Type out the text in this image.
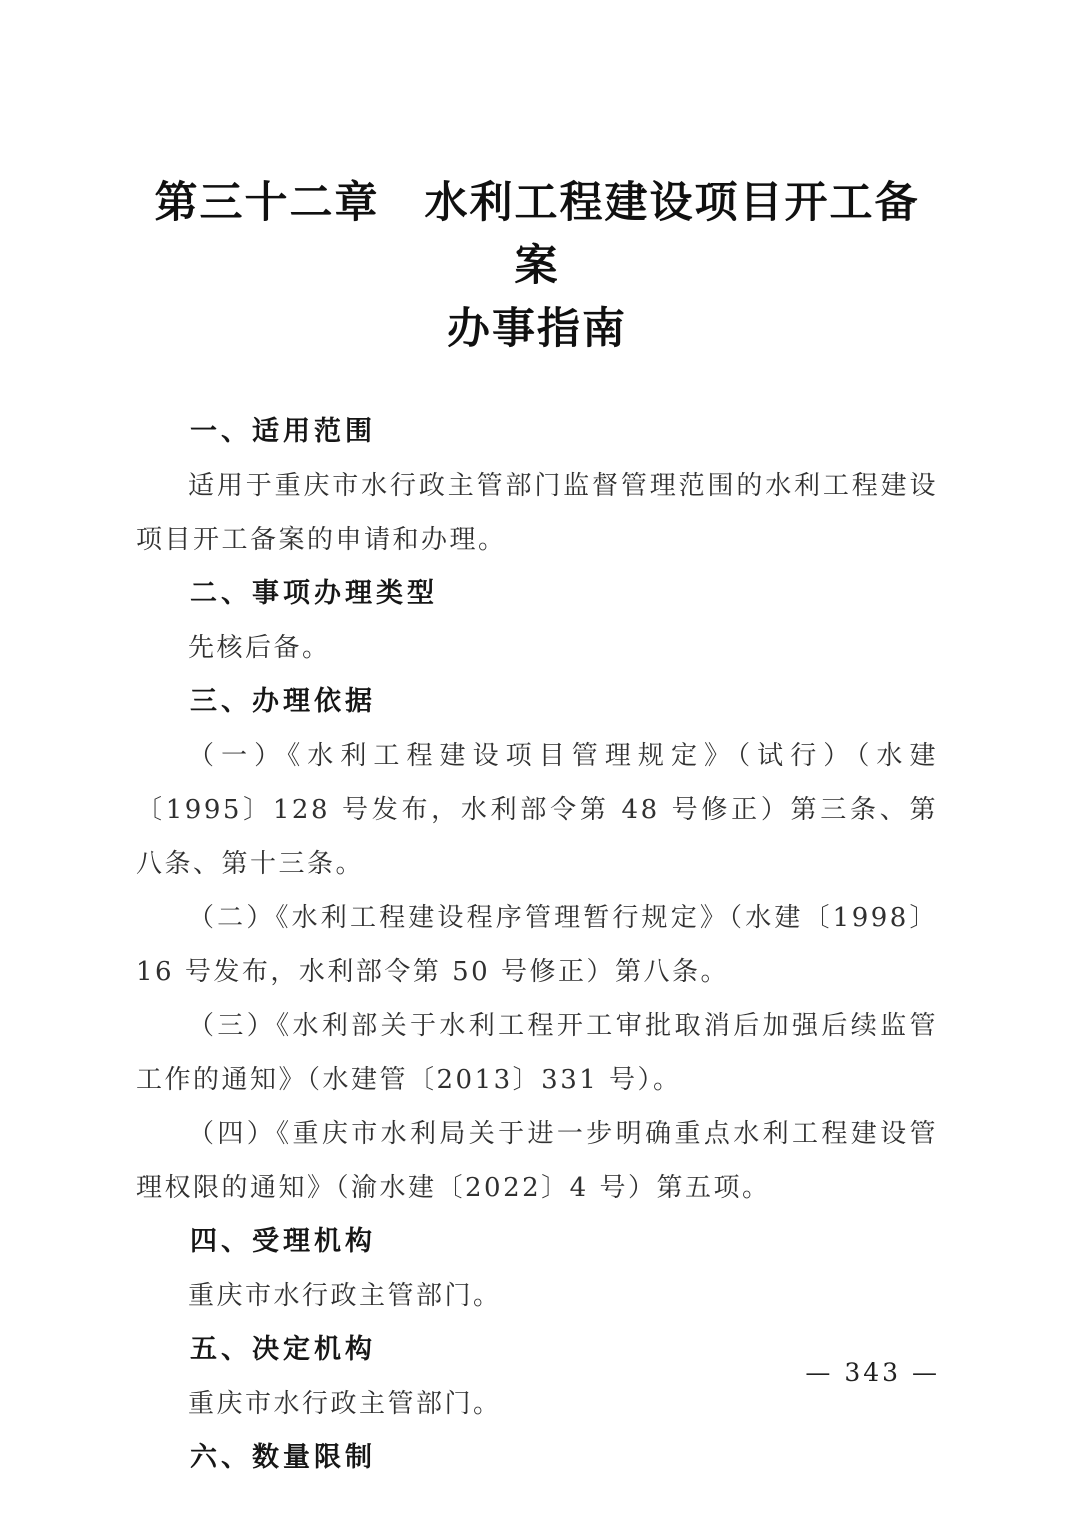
第三十二章　水利工程建设项目开工备案
办事指南
一、适用范围

适用于重庆市水行政主管部门监督管理范围的水利工程建设项目开工备案的申请和办理。

二、事项办理类型

先核后备。

三、办理依据

（一）《水利工程建设项目管理规定》（试行）（水建〔1995〕128 号发布，水利部令第 48 号修正）第三条、第八条、第十三条。

（二）《水利工程建设程序管理暂行规定》（水建〔1998〕16 号发布，水利部令第 50 号修正）第八条。

（三）《水利部关于水利工程开工审批取消后加强后续监管工作的通知》（水建管〔2013〕331 号）。

（四）《重庆市水利局关于进一步明确重点水利工程建设管理权限的通知》（渝水建〔2022〕4 号）第五项。

四、受理机构

重庆市水行政主管部门。

五、决定机构

重庆市水行政主管部门。

六、数量限制
— 343 —
